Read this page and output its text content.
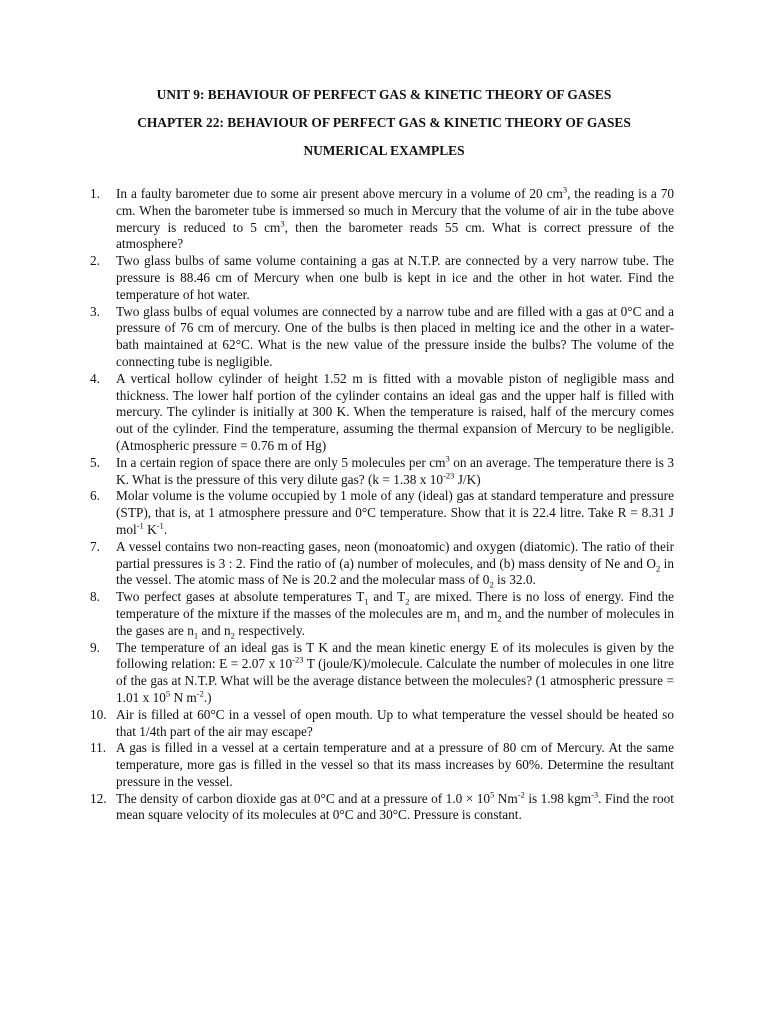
UNIT 9: BEHAVIOUR OF PERFECT GAS & KINETIC THEORY OF GASES

CHAPTER 22: BEHAVIOUR OF PERFECT GAS & KINETIC THEORY OF GASES

NUMERICAL EXAMPLES

1. In a faulty barometer due to some air present above mercury in a volume of 20 $cm^3$, the reading is a 70 cm. When the barometer tube is immersed so much in Mercury that the volume of air in the tube above mercury is reduced to 5 $cm^3$, then the barometer reads 55 cm. What is correct pressure of the atmosphere?
2. Two glass bulbs of same volume containing a gas at N.T.P. are connected by a very narrow tube. The pressure is 88.46 cm of Mercury when one bulb is kept in ice and the other in hot water. Find the temperature of hot water.
3. Two glass bulbs of equal volumes are connected by a narrow tube and are filled with a gas at 0°C and a pressure of 76 cm of mercury. One of the bulbs is then placed in melting ice and the other in a water-bath maintained at 62°C. What is the new value of the pressure inside the bulbs? The volume of the connecting tube is negligible.
4. A vertical hollow cylinder of height 1.52 m is fitted with a movable piston of negligible mass and thickness. The lower half portion of the cylinder contains an ideal gas and the upper half is filled with mercury. The cylinder is initially at 300 K. When the temperature is raised, half of the mercury comes out of the cylinder. Find the temperature, assuming the thermal expansion of Mercury to be negligible. (Atmospheric pressure = 0.76 m of Hg)
5. In a certain region of space there are only 5 molecules per $cm^3$ on an average. The temperature there is 3 K. What is the pressure of this very dilute gas? (k = 1.38 x $10^{-23}$ J/K)
6. Molar volume is the volume occupied by 1 mole of any (ideal) gas at standard temperature and pressure (STP), that is, at 1 atmosphere pressure and 0°C temperature. Show that it is 22.4 litre. Take R = 8.31 J mol$^{-1}$ $K^{-1}$.
7. A vessel contains two non-reacting gases, neon (monoatomic) and oxygen (diatomic). The ratio of their partial pressures is 3 : 2. Find the ratio of (a) number of molecules, and (b) mass density of Ne and $O_2$ in the vessel. The atomic mass of Ne is 20.2 and the molecular mass of $0_2$ is 32.0.
8. Two perfect gases at absolute temperatures $T_1$ and $T_2$ are mixed. There is no loss of energy. Find the temperature of the mixture if the masses of the molecules are $m_1$ and $m_2$ and the number of molecules in the gases are $n_1$ and $n_2$ respectively.
9. The temperature of an ideal gas is T K and the mean kinetic energy E of its molecules is given by the following relation: E = 2.07 x $10^{-23}$ T (joule/K)/molecule. Calculate the number of molecules in one litre of the gas at N.T.P. What will be the average distance between the molecules? (1 atmospheric pressure = 1.01 x $10^5$ N $m^{-2}$.)
10. Air is filled at 60°C in a vessel of open mouth. Up to what temperature the vessel should be heated so that 1/4th part of the air may escape?
11. A gas is filled in a vessel at a certain temperature and at a pressure of 80 cm of Mercury. At the same temperature, more gas is filled in the vessel so that its mass increases by 60%. Determine the resultant pressure in the vessel.
12. The density of carbon dioxide gas at 0°C and at a pressure of $1.0 \times 10^5$ $Nm^{-2}$ is 1.98 kgm$^{-3}$. Find the root mean square velocity of its molecules at 0°C and 30°C. Pressure is constant.
